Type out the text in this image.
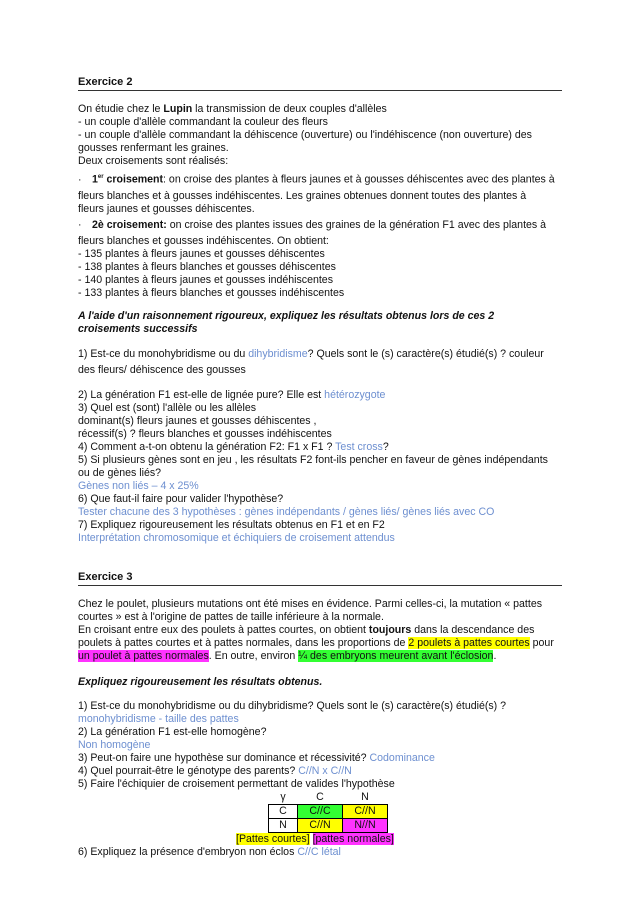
Exercice 2

On étudie chez le Lupin la transmission de deux couples d'allèles

- un couple d'allèle commandant la couleur des fleurs

- un couple d'allèle commandant la déhiscence (ouverture) ou l'indéhiscence (non ouverture) des

gousses renfermant les graines.

Deux croisements sont réalisés:

· 1er croisement: on croise des plantes à fleurs jaunes et à gousses déhiscentes avec des plantes à

fleurs blanches et à gousses indéhiscentes. Les graines obtenues donnent toutes des plantes à

fleurs jaunes et gousses déhiscentes.

· 2è croisement: on croise des plantes issues des graines de la génération F1 avec des plantes à

fleurs blanches et gousses indéhiscentes. On obtient:

- 135 plantes à fleurs jaunes et gousses déhiscentes

- 138 plantes à fleurs blanches et gousses déhiscentes

- 140 plantes à fleurs jaunes et gousses indéhiscentes

- 133 plantes à fleurs blanches et gousses indéhiscentes

A l'aide d'un raisonnement rigoureux, expliquez les résultats obtenus lors de ces 2

croisements successifs

1) Est-ce du monohybridisme ou du dihybridisme? Quels sont le (s) caractère(s) étudié(s) ? couleur

des fleurs/ déhiscence des gousses

2) La génération F1 est-elle de lignée pure? Elle est hétérozygote

3) Quel est (sont) l'allèle ou les allèles

dominant(s) fleurs jaunes et gousses déhiscentes ,

récessif(s) ? fleurs blanches et gousses indéhiscentes

4) Comment a-t-on obtenu la génération F2: F1 x F1 ? Test cross?

5) Si plusieurs gènes sont en jeu , les résultats F2 font-ils pencher en faveur de gènes indépendants

ou de gènes liés?

Gènes non liés – 4 x 25%

6) Que faut-il faire pour valider l'hypothèse?

Tester chacune des 3 hypothèses : gènes indépendants / gènes liés/ gènes liés avec CO

7) Expliquez rigoureusement les résultats obtenus en F1 et en F2

Interprétation chromosomique et échiquiers de croisement attendus

Exercice 3

Chez le poulet, plusieurs mutations ont été mises en évidence. Parmi celles-ci, la mutation « pattes

courtes » est à l'origine de pattes de taille inférieure à la normale.

En croisant entre eux des poulets à pattes courtes, on obtient toujours dans la descendance des

poulets à pattes courtes et à pattes normales, dans les proportions de 2 poulets à pattes courtes pour

un poulet à pattes normales. En outre, environ ¼ des embryons meurent avant l'éclosion.

Expliquez rigoureusement les résultats obtenus.

1) Est-ce du monohybridisme ou du dihybridisme? Quels sont le (s) caractère(s) étudié(s) ?

monohybridisme - taille des pattes

2) La génération F1 est-elle homogène?

Non homogène

3) Peut-on faire une hypothèse sur dominance et récessivité? Codominance

4) Quel pourrait-être le génotype des parents? C//N x C//N

5) Faire l'échiquier de croisement permettant de valides l'hypothèse

γ	C	N
C	C//C	C//N
N	C//N	N//N

[Pattes courtes] [pattes normales]

6) Expliquez la présence d'embryon non éclos C//C létal
